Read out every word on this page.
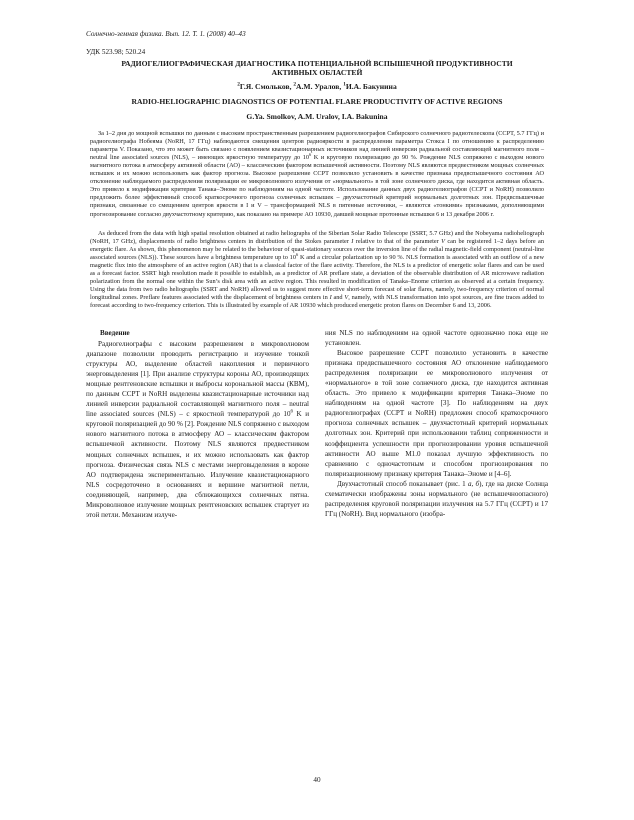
Солнечно-земная физика. Вып. 12. Т. 1. (2008) 40–43
УДК 523.98; 520.24
РАДИОГЕЛИОГРАФИЧЕСКАЯ ДИАГНОСТИКА ПОТЕНЦИАЛЬНОЙ ВСПЫШЕЧНОЙ ПРОДУКТИВНОСТИ АКТИВНЫХ ОБЛАСТЕЙ
$^2$Г.Я. Смольков, $^2$А.М. Уралов, $^1$И.А. Бакунина
RADIO-HELIOGRAPHIC DIAGNOSTICS OF POTENTIAL FLARE PRODUCTIVITY OF ACTIVE REGIONS
G.Ya. Smolkov, A.M. Uralov, I.A. Bakunina
За 1–2 дня до мощной вспышки по данным с высоким пространственным разрешением радиогелиографов Сибирского солнечного радиотелескопа (ССРТ, 5.7 ГГц) и радиогелиографа Нобеяма (NoRH, 17 ГГц) наблюдаются смещения центров радиояркости в распределении параметра Стокса I по отношению к распределению параметра V. Показано, что это может быть связано с появлением квазистационарных источников над линией инверсии радиальной составляющей магнитного поля – neutral line associated sources (NLS), – имеющих яркостную температуру до $10^6$ K и круговую поляризацию до 90 %. Рождение NLS сопряжено с выходом нового магнитного потока в атмосферу активной области (АО) – классическим фактором вспышечной активности. Поэтому NLS являются предвестником мощных солнечных вспышек и их можно использовать как фактор прогноза. Высокое разрешение ССРТ позволило установить в качестве признака предвспышечного состояния АО отклонение наблюдаемого распределения поляризации ее микроволнового излучения от «нормального» в той зоне солнечного диска, где находится активная область. Это привело к модификации критерия Танака–Эноме по наблюдениям на одной частоте. Использование данных двух радиогелиографов (ССРТ и NoRH) позволило предложить более эффективный способ краткосрочного прогноза солнечных вспышек – двухчастотный критерий нормальных долготных зон. Предвспышечные признаки, связанные со смещением центров яркости в I и V – трансформацией NLS в пятенные источники, – являются «тонкими» признаками, дополняющими прогнозирование согласно двухчастотному критерию, как показано на примере АО 10930, давшей мощные протонные вспышки 6 и 13 декабря 2006 г.
As deduced from the data with high spatial resolution obtained at radio heliographs of the Siberian Solar Radio Telescope (SSRT, 5.7 GHz) and the Nobeyama radioheliograph (NoRH, 17 GHz), displacements of radio brightness centers in distribution of the Stokes parameter I relative to that of the parameter V can be registered 1–2 days before an energetic flare. As shown, this phenomenon may be related to the behaviour of quasi-stationary sources over the inversion line of the radial magnetic-field component (neutral-line associated sources (NLS)). These sources have a brightness temperature up to $10^6$ K and a circular polarization up to 90 %. NLS formation is associated with an outflow of a new magnetic flux into the atmosphere of an active region (AR) that is a classical factor of the flare activity. Therefore, the NLS is a predictor of energetic solar flares and can be used as a forecast factor. SSRT high resolution made it possible to establish, as a predictor of AR preflare state, a deviation of the observable distribution of AR microwave radiation polarization from the normal one within the Sun’s disk area with an active region. This resulted in modification of Tanaka–Enome criterion as observed at a certain frequency. Using the data from two radio heliographs (SSRT and NoRH) allowed us to suggest more effective short-term forecast of solar flares, namely, two-frequency criterion of normal longitudinal zones. Preflare features associated with the displacement of brightness centers in I and V, namely, with NLS transformation into spot sources, are fine traces added to forecast according to two-frequency criterion. This is illustrated by example of AR 10930 which produced energetic proton flares on December 6 and 13, 2006.
Введение

Радиогелиографы с высоким разрешением в микроволновом диапазоне позволили проводить регистрацию и изучение тонкой структуры АО, выделение областей накопления и первичного энерговыделения [1]. При анализе структуры короны АО, производящих мощные рентгеновские вспышки и выбросы корональной массы (КВМ), по данным ССРТ и NoRH выделены квазистационарные источники над линией инверсии радиальной составляющей магнитного поля – neutral line associated sources (NLS) – с яркостной температурой до $10^6$ K и круговой поляризацией до 90 % [2]. Рождение NLS сопряжено с выходом нового магнитного потока в атмосферу АО – классическим фактором вспышечной активности. Поэтому NLS являются предвестником мощных солнечных вспышек, и их можно использовать как фактор прогноза. Физическая связь NLS с местами энерговыделения в короне АО подтверждена экспериментально. Излучение квазистационарного NLS сосредоточено в основаниях и вершине магнитной петли, соединяющей, например, два сближающихся солнечных пятна. Микроволновое излучение мощных рентгеновских вспышек стартует из этой петли. Механизм излуче-

ния NLS по наблюдениям на одной частоте однозначно пока еще не установлен.

Высокое разрешение ССРТ позволило установить в качестве признака предвспышечного состояния АО отклонение наблюдаемого распределения поляризации ее микроволнового излучения от «нормального» в той зоне солнечного диска, где находится активная область. Это привело к модификации критерия Танака–Эноме по наблюдениям на одной частоте [3]. По наблюдениям на двух радиогелиографах (ССРТ и NoRH) предложен способ краткосрочного прогноза солнечных вспышек – двухчастотный критерий нормальных долготных зон. Критерий при использовании таблиц сопряженности и коэффициента успешности при прогнозировании уровня вспышечной активности АО выше M1.0 показал лучшую эффективность по сравнению с одночастотным и способом прогнозирования по поляризационному признаку критерия Танака–Эноме и [4–6].

Двухчастотный способ показывает (рис. 1 а, б), где на диске Солнца схематически изображены зоны нормального (не вспышечноопасного) распределения круговой поляризации излучения на 5.7 ГГц (ССРТ) и 17 ГГц (NoRH). Вид нормального (изобра-

40
